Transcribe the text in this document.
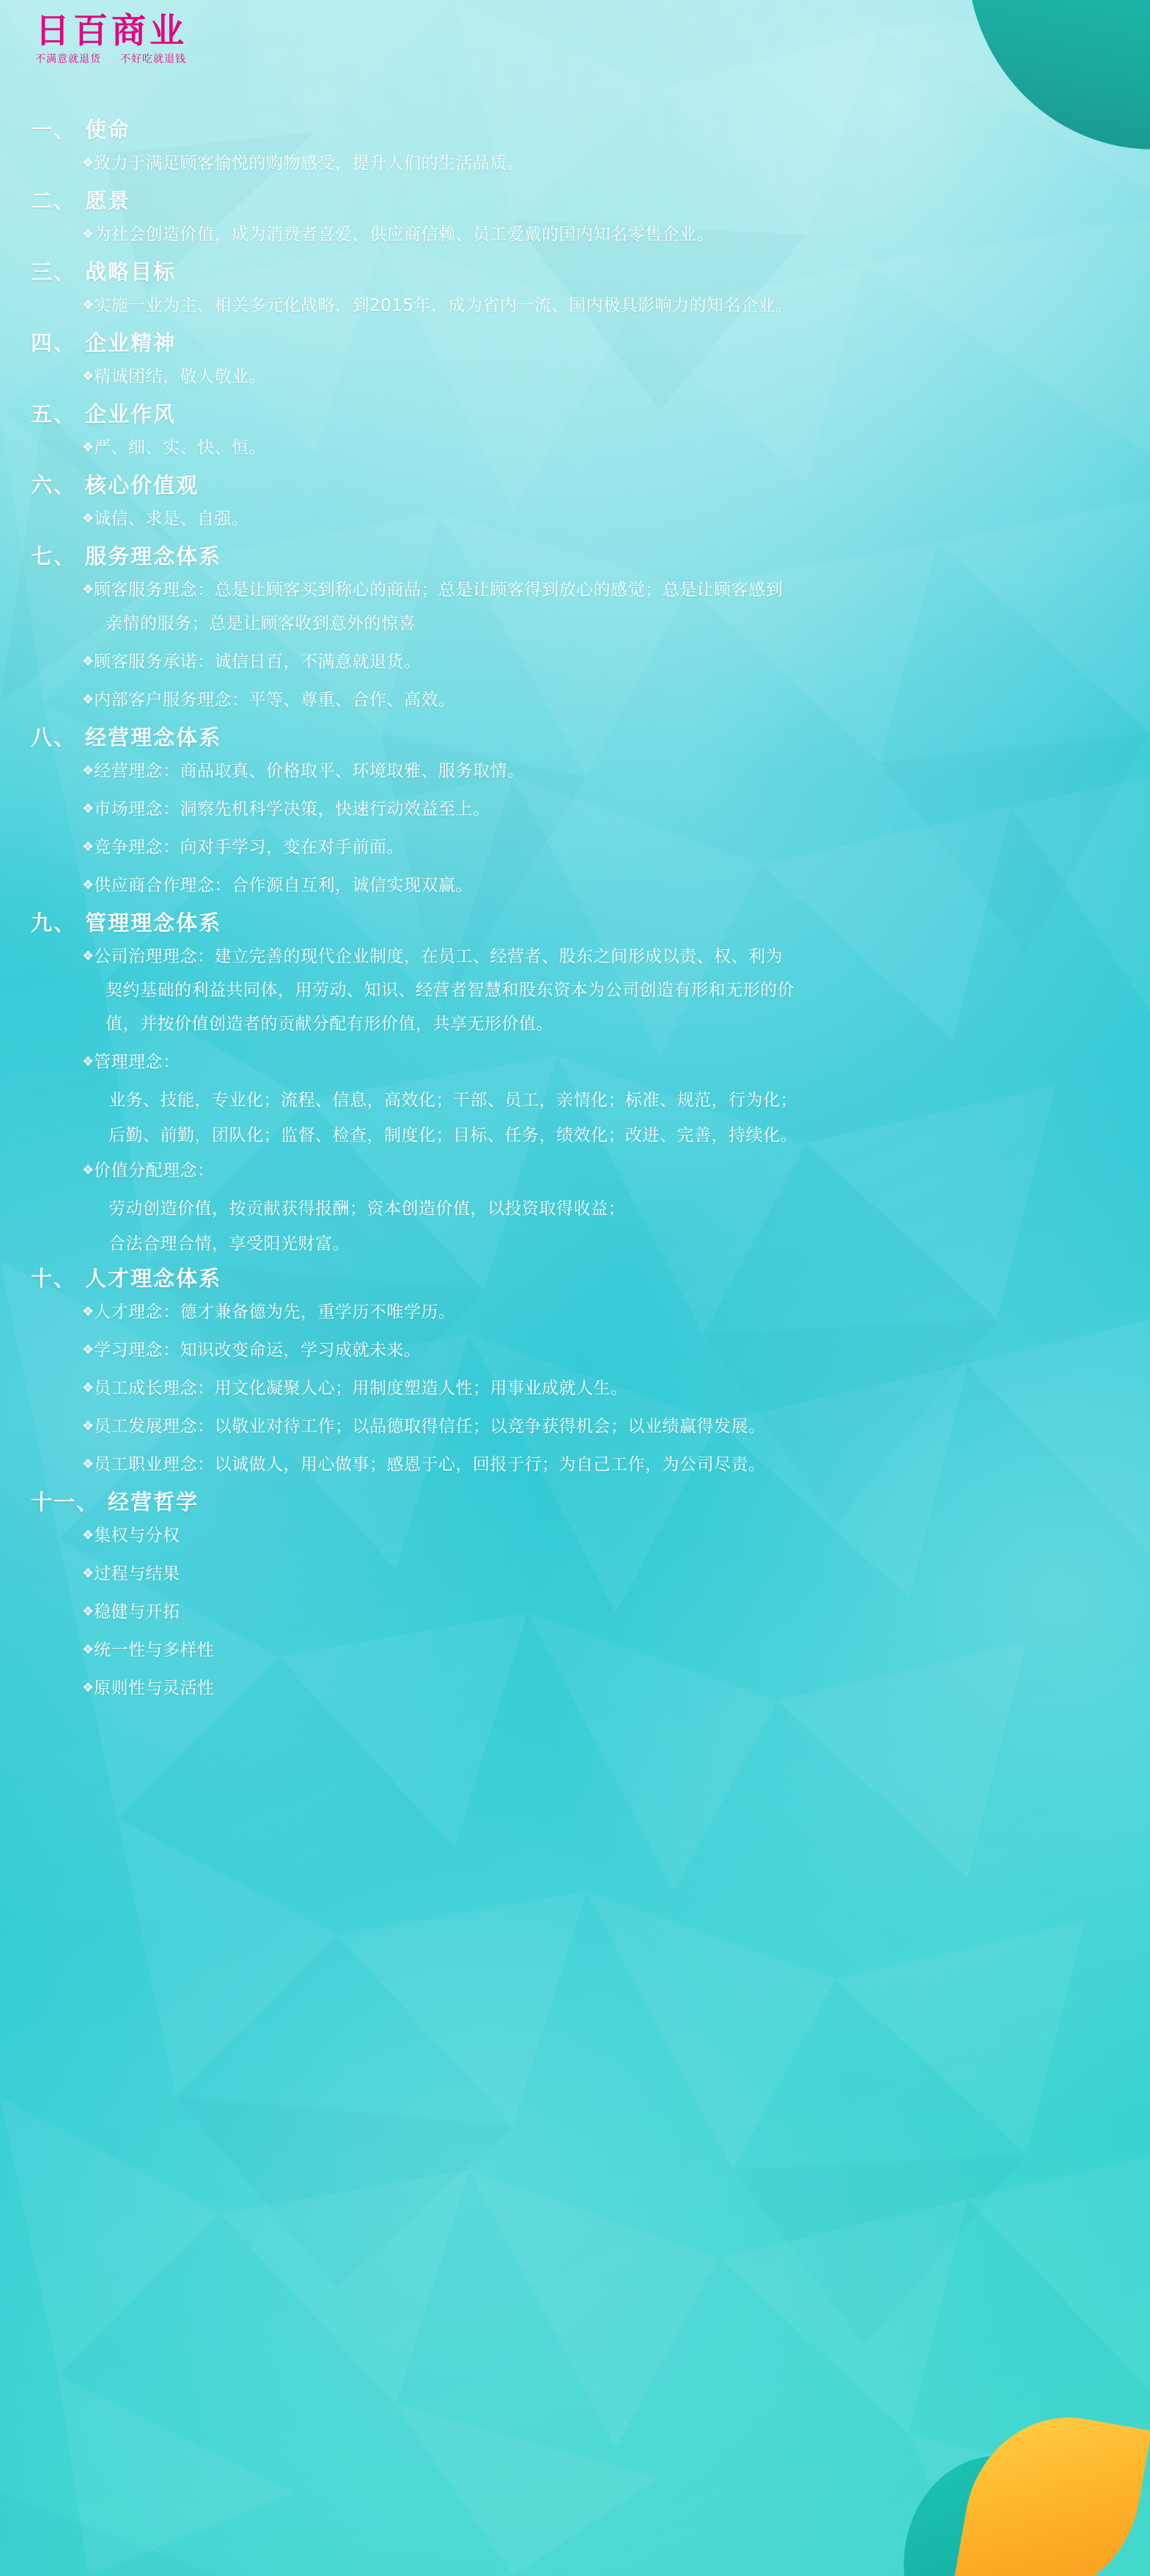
日百商业
不满意就退货 不好吃就退钱
一、 使命
❖ 致力于满足顾客愉悦的购物感受，提升人们的生活品质。
二、 愿景
❖ 为社会创造价值，成为消费者喜爱、供应商信赖、员工爱戴的国内知名零售企业。
三、 战略目标
❖ 实施一业为主、相关多元化战略，到2015年，成为省内一流、国内极具影响力的知名企业。
四、 企业精神
❖ 精诚团结，敬人敬业。
五、 企业作风
❖ 严、细、实、快、恒。
六、 核心价值观
❖ 诚信、求是、自强。
七、 服务理念体系
❖ 顾客服务理念：总是让顾客买到称心的商品；总是让顾客得到放心的感觉；总是让顾客感到
亲情的服务；总是让顾客收到意外的惊喜
❖ 顾客服务承诺：诚信日百，不满意就退货。
❖ 内部客户服务理念：平等、尊重、合作、高效。
八、 经营理念体系
❖ 经营理念：商品取真、价格取平、环境取雅、服务取情。
❖ 市场理念：洞察先机科学决策，快速行动效益至上。
❖ 竞争理念：向对手学习，变在对手前面。
❖ 供应商合作理念：合作源自互利，诚信实现双赢。
九、 管理理念体系
❖ 公司治理理念：建立完善的现代企业制度，在员工、经营者、股东之间形成以责、权、利为
契约基础的利益共同体，用劳动、知识、经营者智慧和股东资本为公司创造有形和无形的价
值，并按价值创造者的贡献分配有形价值，共享无形价值。
❖ 管理理念：
业务、技能，专业化；流程、信息，高效化；干部、员工，亲情化；标准、规范，行为化；
后勤、前勤，团队化；监督、检查，制度化；目标、任务，绩效化；改进、完善，持续化。
❖ 价值分配理念：
劳动创造价值，按贡献获得报酬；资本创造价值，以投资取得收益；
合法合理合情，享受阳光财富。
十、 人才理念体系
❖ 人才理念：德才兼备德为先，重学历不唯学历。
❖ 学习理念：知识改变命运，学习成就未来。
❖ 员工成长理念：用文化凝聚人心；用制度塑造人性；用事业成就人生。
❖ 员工发展理念：以敬业对待工作；以品德取得信任；以竞争获得机会；以业绩赢得发展。
❖ 员工职业理念：以诚做人，用心做事；感恩于心，回报于行；为自己工作，为公司尽责。
十一、 经营哲学
❖ 集权与分权
❖ 过程与结果
❖ 稳健与开拓
❖ 统一性与多样性
❖ 原则性与灵活性
